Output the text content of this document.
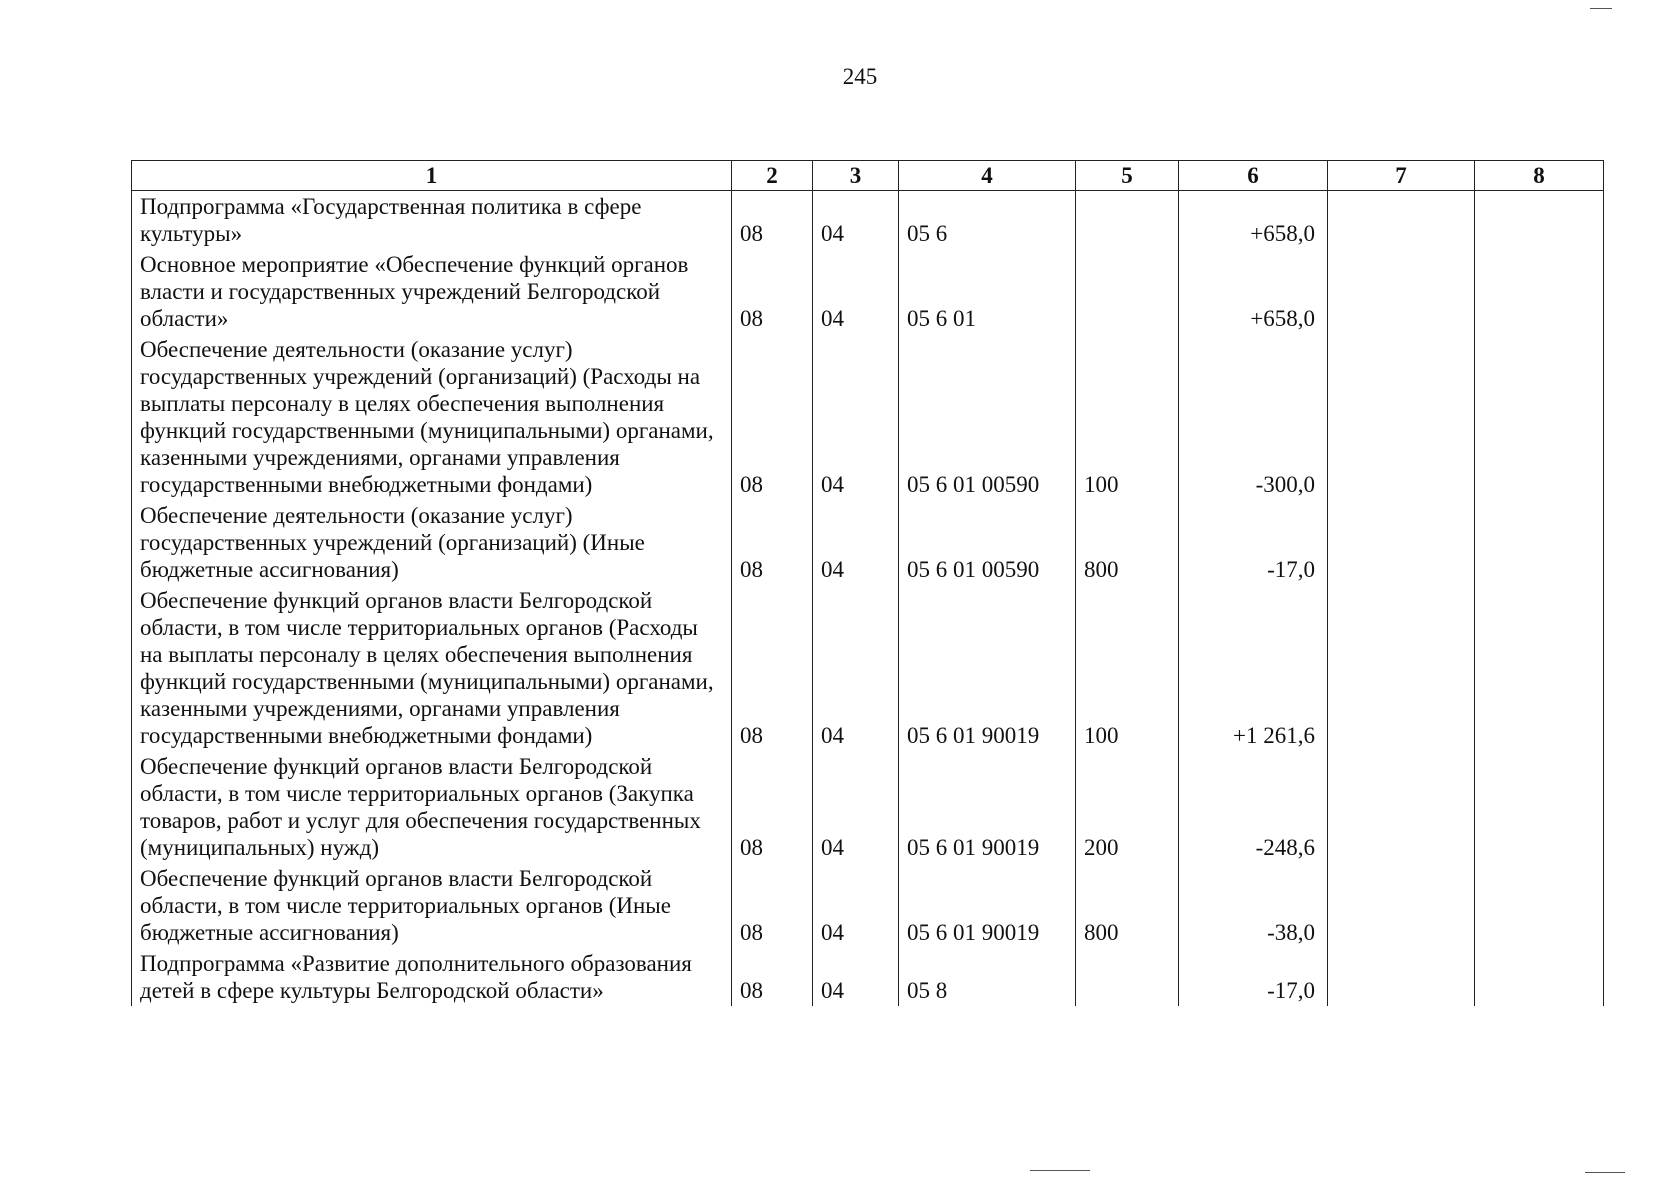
245
1	2	3	4	5	6	7	8
Подпрограмма «Государственная политика в сфере культуры»	08	04	05 6		+658,0		
Основное мероприятие «Обеспечение функций органов власти и государственных учреждений Белгородской области»	08	04	05 6 01		+658,0		
Обеспечение деятельности (оказание услуг) государственных учреждений (организаций) (Расходы на выплаты персоналу в целях обеспечения выполнения функций государственными (муниципальными) органами, казенными учреждениями, органами управления государственными внебюджетными фондами)	08	04	05 6 01 00590	100	-300,0		
Обеспечение деятельности (оказание услуг) государственных учреждений (организаций) (Иные бюджетные ассигнования)	08	04	05 6 01 00590	800	-17,0		
Обеспечение функций органов власти Белгородской области, в том числе территориальных органов (Расходы на выплаты персоналу в целях обеспечения выполнения функций государственными (муниципальными) органами, казенными учреждениями, органами управления государственными внебюджетными фондами)	08	04	05 6 01 90019	100	+1 261,6		
Обеспечение функций органов власти Белгородской области, в том числе территориальных органов (Закупка товаров, работ и услуг для обеспечения государственных (муниципальных) нужд)	08	04	05 6 01 90019	200	-248,6		
Обеспечение функций органов власти Белгородской области, в том числе территориальных органов (Иные бюджетные ассигнования)	08	04	05 6 01 90019	800	-38,0		
Подпрограмма «Развитие дополнительного образования детей в сфере культуры Белгородской области»	08	04	05 8		-17,0		
